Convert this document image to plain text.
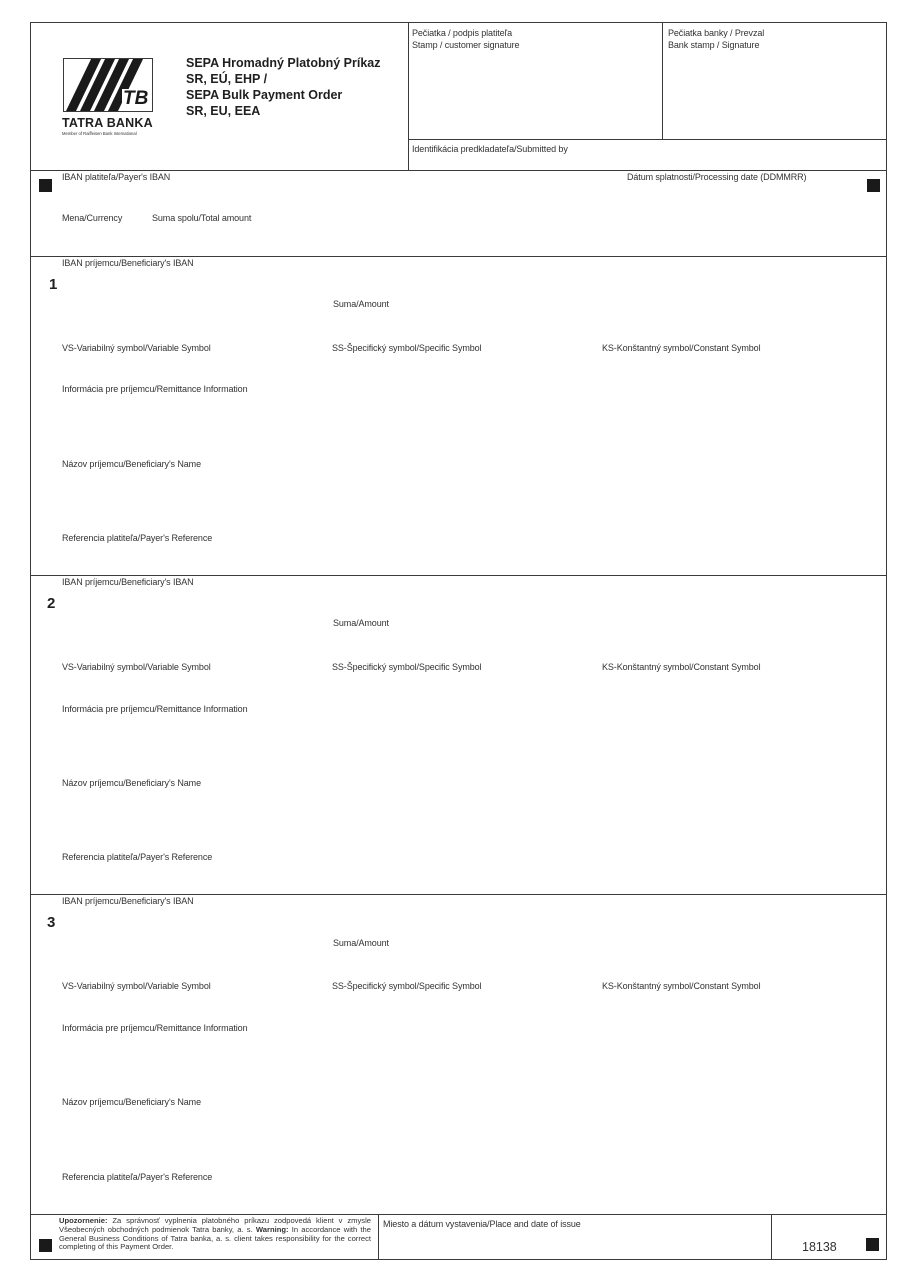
TB
TATRA BANKA
Member of Raiffeisen Bank International
SEPA Hromadný Platobný Príkaz
SR, EÚ, EHP /
SEPA Bulk Payment Order
SR, EU, EEA
Pečiatka / podpis platiteľa
Stamp / customer signature
Pečiatka banky / Prevzal
Bank stamp / Signature
Identifikácia predkladateľa/Submitted by
IBAN platiteľa/Payer's IBAN	Dátum splatnosti/Processing date (DDMMRR)
Mena/Currency	Suma spolu/Total amount
IBAN príjemcu/Beneficiary's IBAN
1
Suma/Amount
VS-Variabilný symbol/Variable Symbol	SS-Špecifický symbol/Specific Symbol	KS-Konštantný symbol/Constant Symbol
Informácia pre príjemcu/Remittance Information
Názov príjemcu/Beneficiary's Name
Referencia platiteľa/Payer's Reference
IBAN príjemcu/Beneficiary's IBAN
2
Suma/Amount
VS-Variabilný symbol/Variable Symbol	SS-Špecifický symbol/Specific Symbol	KS-Konštantný symbol/Constant Symbol
Informácia pre príjemcu/Remittance Information
Názov príjemcu/Beneficiary's Name
Referencia platiteľa/Payer's Reference
IBAN príjemcu/Beneficiary's IBAN
3
Suma/Amount
VS-Variabilný symbol/Variable Symbol	SS-Špecifický symbol/Specific Symbol	KS-Konštantný symbol/Constant Symbol
Informácia pre príjemcu/Remittance Information
Názov príjemcu/Beneficiary's Name
Referencia platiteľa/Payer's Reference
Upozornenie: Za správnosť vyplnenia platobného príkazu zodpovedá klient v zmysle Všeobecných obchodných podmienok Tatra banky, a. s. Warning: In accordance with the General Business Conditions of Tatra banka, a. s. client takes responsibility for the correct completing of this Payment Order.
Miesto a dátum vystavenia/Place and date of issue
18138
